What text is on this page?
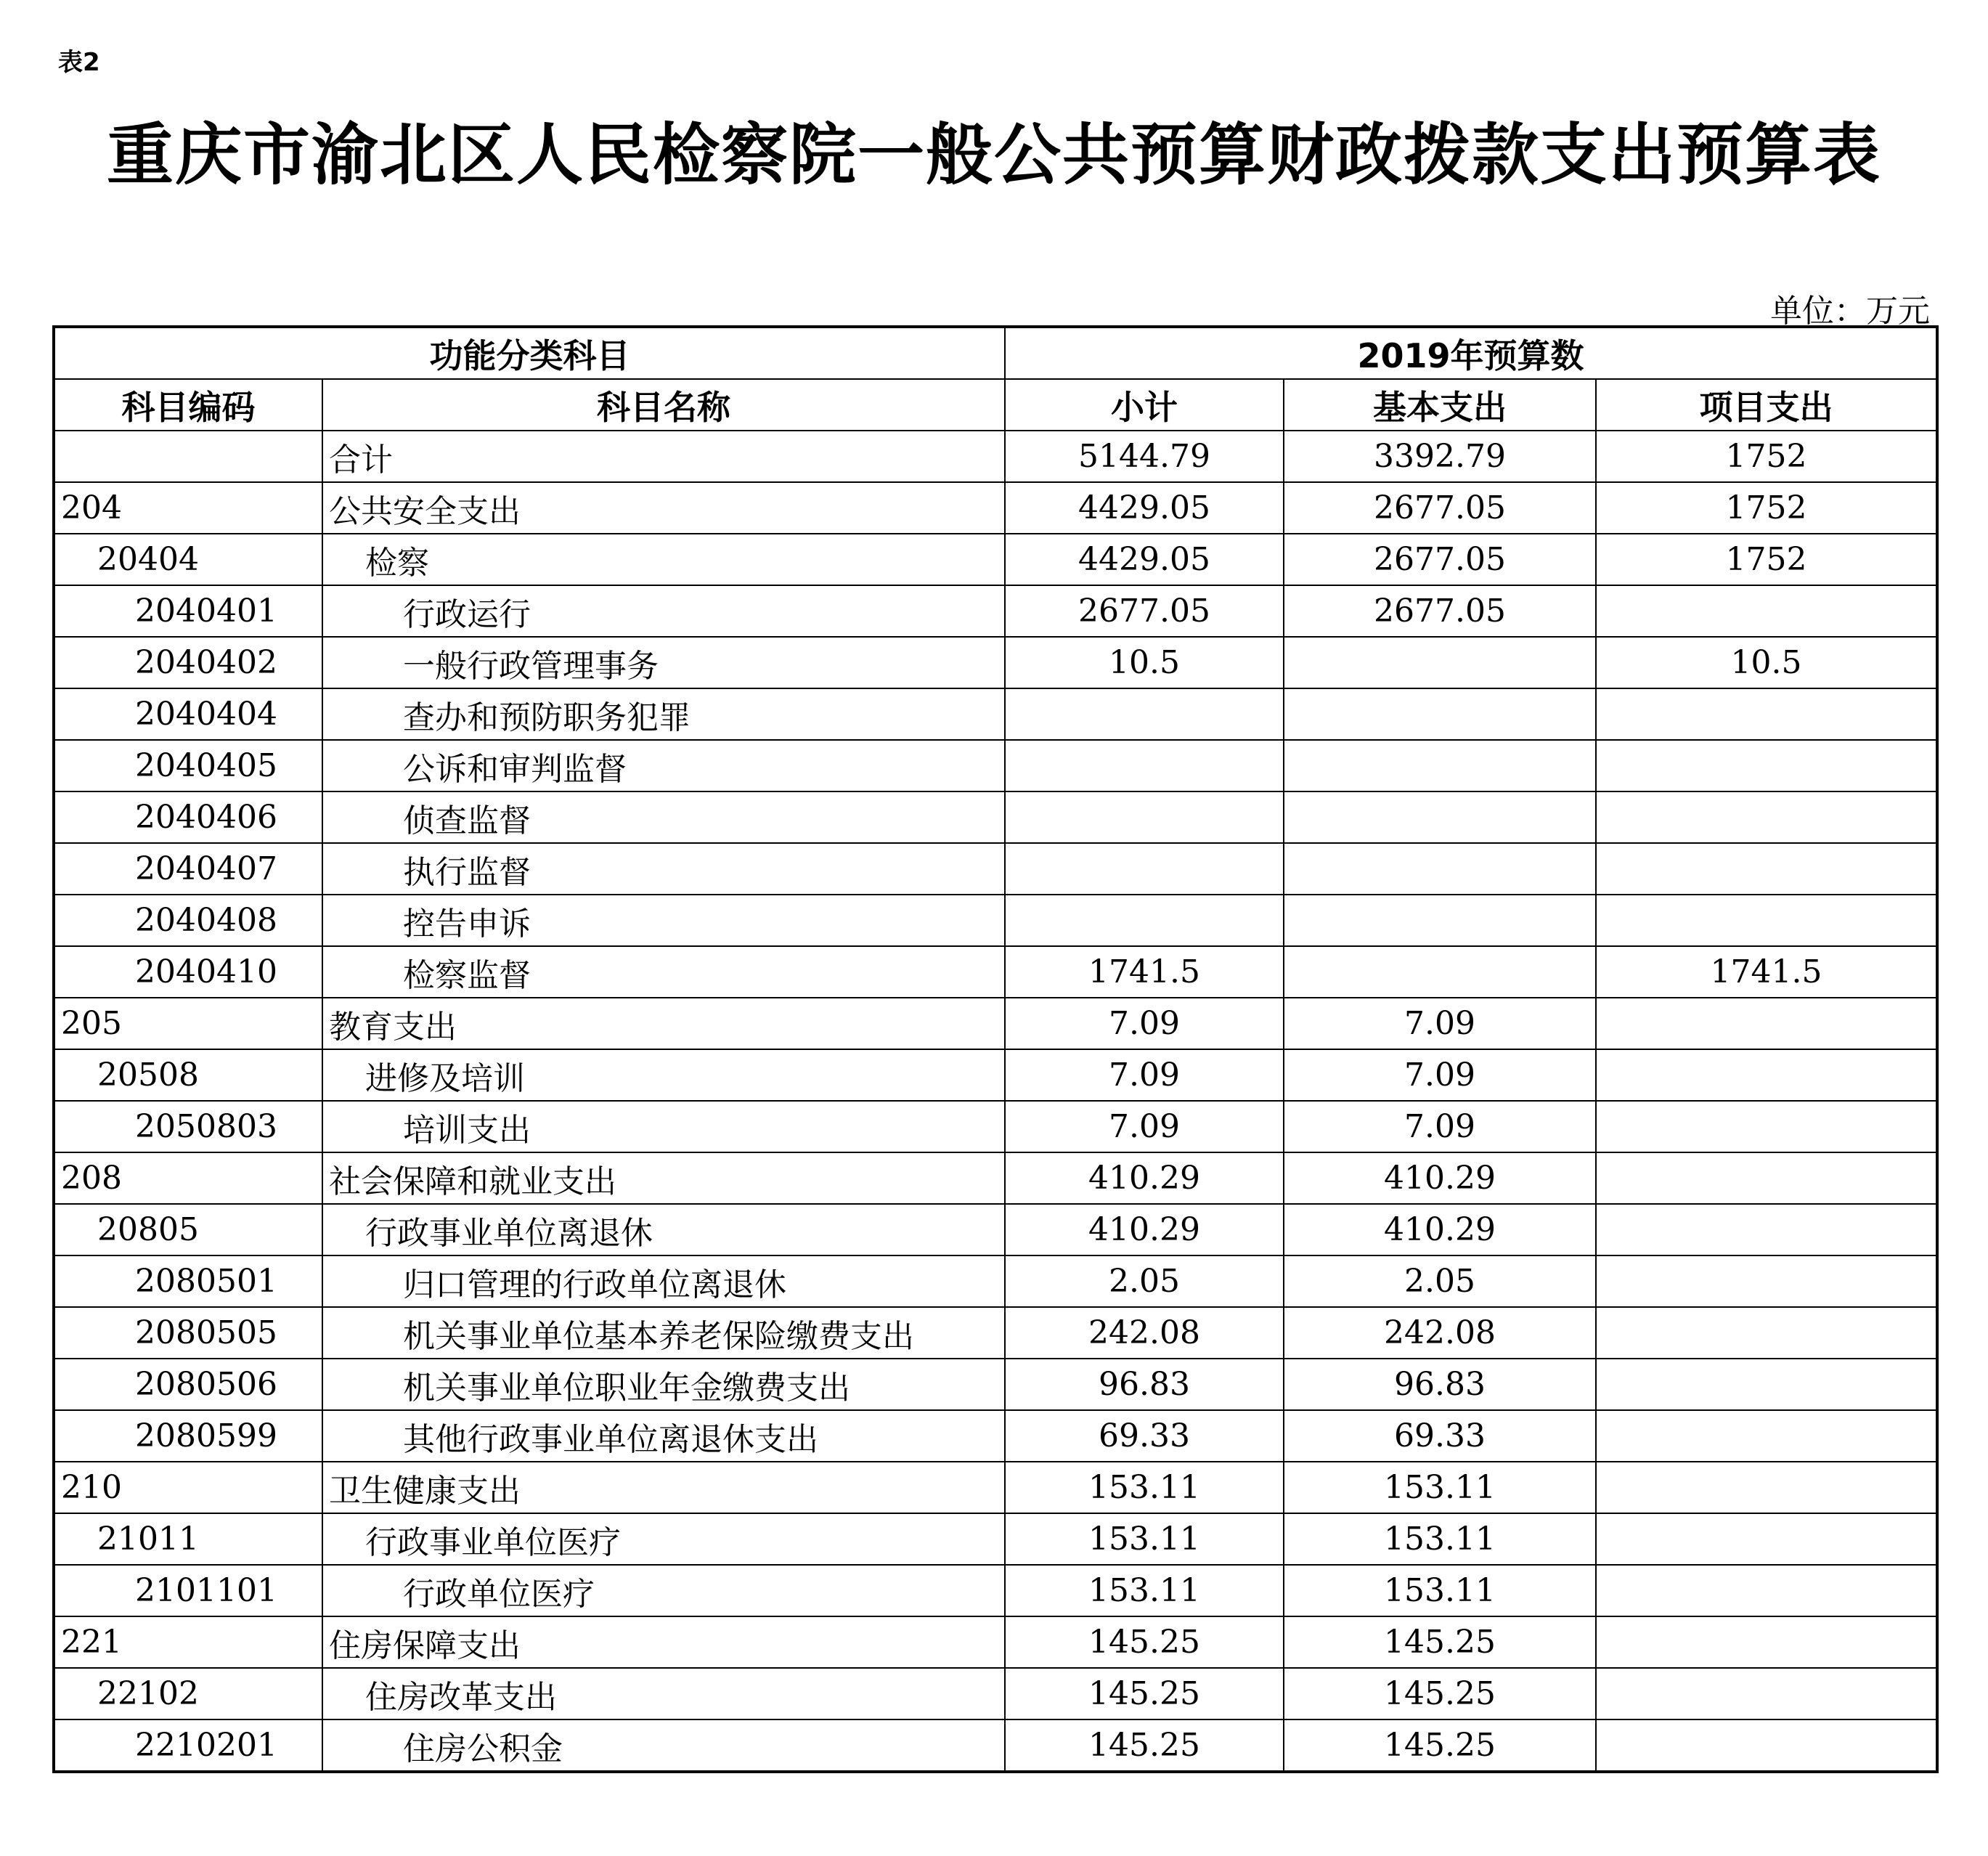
表2
重庆市渝北区人民检察院一般公共预算财政拨款支出预算表
单位：万元
功能分类科目		2019年预算数		
科目编码	科目名称	小计	基本支出	项目支出
	合计	5144.79	3392.79	1752
204	公共安全支出	4429.05	2677.05	1752
20404	检察	4429.05	2677.05	1752
2040401	行政运行	2677.05	2677.05	
2040402	一般行政管理事务	10.5		10.5
2040404	查办和预防职务犯罪			
2040405	公诉和审判监督			
2040406	侦查监督			
2040407	执行监督			
2040408	控告申诉			
2040410	检察监督	1741.5		1741.5
205	教育支出	7.09	7.09	
20508	进修及培训	7.09	7.09	
2050803	培训支出	7.09	7.09	
208	社会保障和就业支出	410.29	410.29	
20805	行政事业单位离退休	410.29	410.29	
2080501	归口管理的行政单位离退休	2.05	2.05	
2080505	机关事业单位基本养老保险缴费支出	242.08	242.08	
2080506	机关事业单位职业年金缴费支出	96.83	96.83	
2080599	其他行政事业单位离退休支出	69.33	69.33	
210	卫生健康支出	153.11	153.11	
21011	行政事业单位医疗	153.11	153.11	
2101101	行政单位医疗	153.11	153.11	
221	住房保障支出	145.25	145.25	
22102	住房改革支出	145.25	145.25	
2210201	住房公积金	145.25	145.25	
